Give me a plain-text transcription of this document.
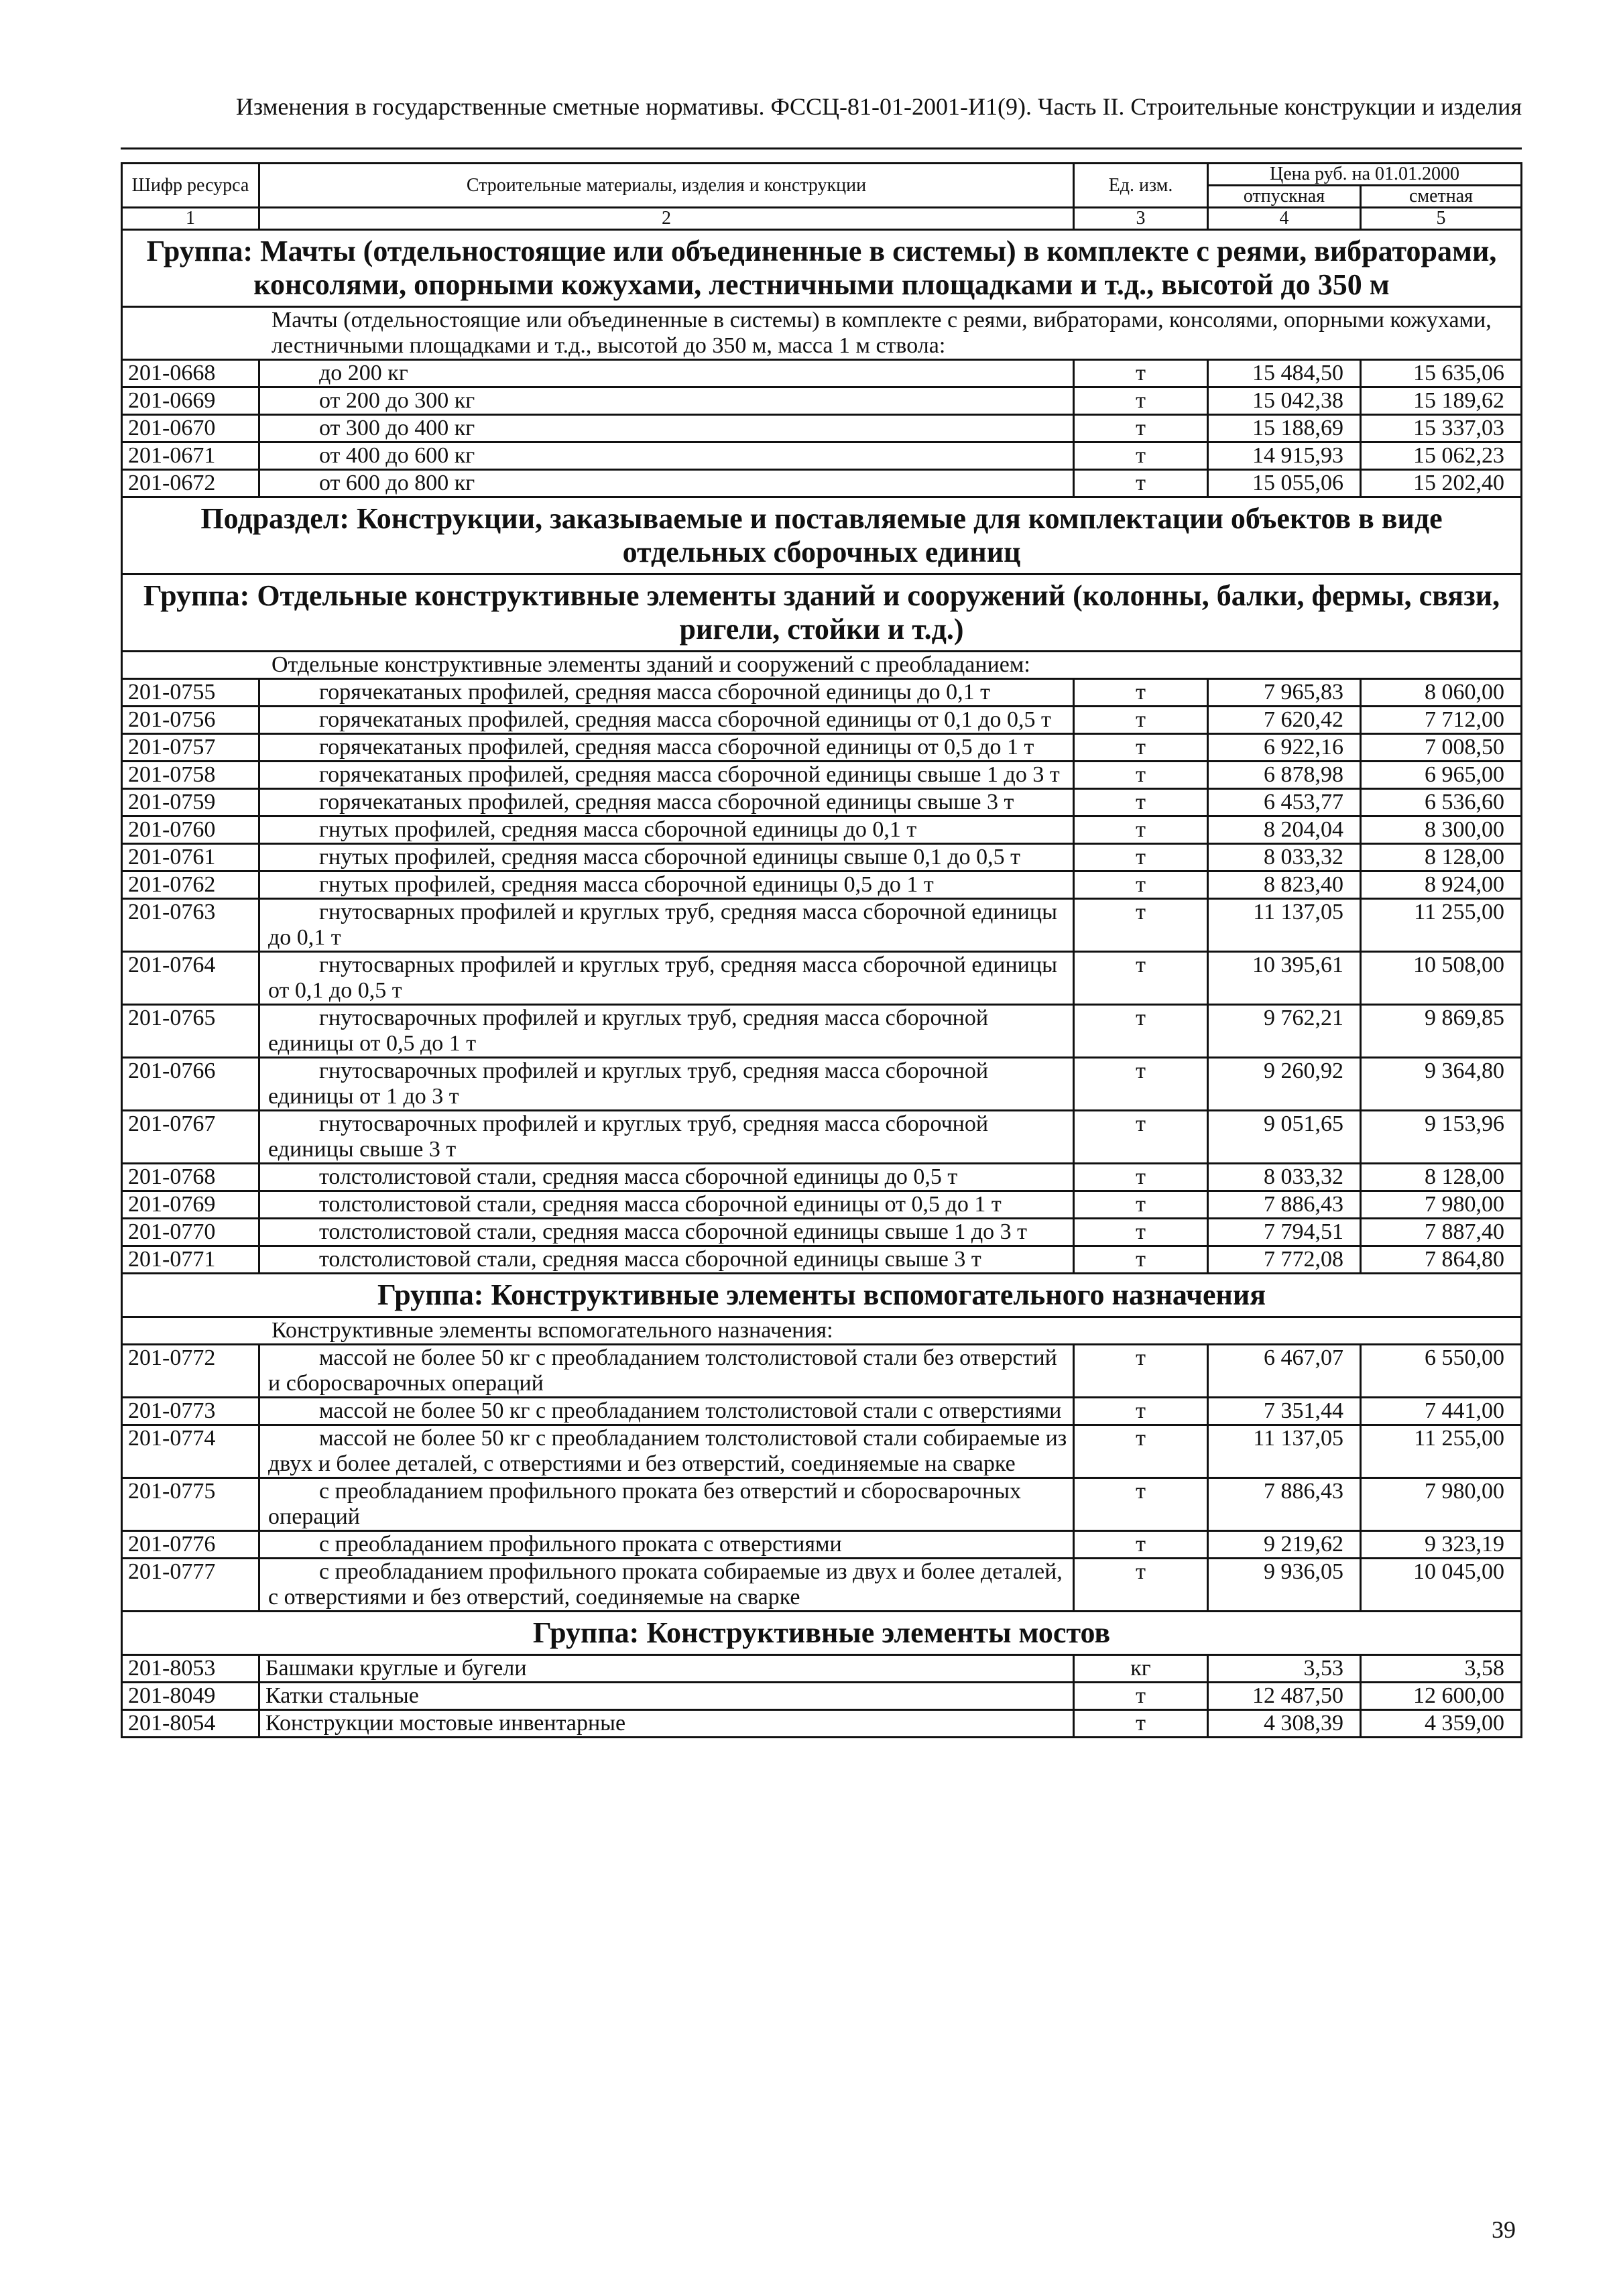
Изменения в государственные сметные нормативы. ФССЦ-81-01-2001-И1(9). Часть II. Строительные конструкции и изделия
Шифр ресурса	Строительные материалы, изделия и конструкции	Ед. изм.	Цена руб. на 01.01.2000	
			отпускная	сметная
1	2	3	4	5
Группа: Мачты (отдельностоящие или объединенные в системы) в комплекте с реями, вибраторами, консолями, опорными кожухами, лестничными площадками и т.д., высотой до 350 м				
Мачты (отдельностоящие или объединенные в системы) в комплекте с реями, вибраторами, консолями, опорными кожухами, лестничными площадками и т.д., высотой до 350 м, масса 1 м ствола:				
201-0668	до 200 кг	т	15 484,50	15 635,06
201-0669	от 200 до 300 кг	т	15 042,38	15 189,62
201-0670	от 300 до 400 кг	т	15 188,69	15 337,03
201-0671	от 400 до 600 кг	т	14 915,93	15 062,23
201-0672	от 600 до 800 кг	т	15 055,06	15 202,40
Подраздел: Конструкции, заказываемые и поставляемые для комплектации объектов в виде отдельных сборочных единиц				
Группа: Отдельные конструктивные элементы зданий и сооружений (колонны, балки, фермы, связи, ригели, стойки и т.д.)				
Отдельные конструктивные элементы зданий и сооружений с преобладанием:				
201-0755	горячекатаных профилей, средняя масса сборочной единицы до 0,1 т	т	7 965,83	8 060,00
201-0756	горячекатаных профилей, средняя масса сборочной единицы от 0,1 до 0,5 т	т	7 620,42	7 712,00
201-0757	горячекатаных профилей, средняя масса сборочной единицы от 0,5 до 1 т	т	6 922,16	7 008,50
201-0758	горячекатаных профилей, средняя масса сборочной единицы свыше 1 до 3 т	т	6 878,98	6 965,00
201-0759	горячекатаных профилей, средняя масса сборочной единицы свыше 3 т	т	6 453,77	6 536,60
201-0760	гнутых профилей, средняя масса сборочной единицы до 0,1 т	т	8 204,04	8 300,00
201-0761	гнутых профилей, средняя масса сборочной единицы свыше 0,1 до 0,5 т	т	8 033,32	8 128,00
201-0762	гнутых профилей, средняя масса сборочной единицы 0,5 до 1 т	т	8 823,40	8 924,00
201-0763	гнутосварных профилей и круглых труб, средняя масса сборочной единицы до 0,1 т	т	11 137,05	11 255,00
201-0764	гнутосварных профилей и круглых труб, средняя масса сборочной единицы от 0,1 до 0,5 т	т	10 395,61	10 508,00
201-0765	гнутосварочных профилей и круглых труб, средняя масса сборочной единицы от 0,5 до 1 т	т	9 762,21	9 869,85
201-0766	гнутосварочных профилей и круглых труб, средняя масса сборочной единицы от 1 до 3 т	т	9 260,92	9 364,80
201-0767	гнутосварочных профилей и круглых труб, средняя масса сборочной единицы свыше 3 т	т	9 051,65	9 153,96
201-0768	толстолистовой стали, средняя масса сборочной единицы до 0,5 т	т	8 033,32	8 128,00
201-0769	толстолистовой стали, средняя масса сборочной единицы от 0,5 до 1 т	т	7 886,43	7 980,00
201-0770	толстолистовой стали, средняя масса сборочной единицы свыше 1 до 3 т	т	7 794,51	7 887,40
201-0771	толстолистовой стали, средняя масса сборочной единицы свыше 3 т	т	7 772,08	7 864,80
Группа: Конструктивные элементы вспомогательного назначения				
Конструктивные элементы вспомогательного назначения:				
201-0772	массой не более 50 кг с преобладанием толстолистовой стали без отверстий и сборосварочных операций	т	6 467,07	6 550,00
201-0773	массой не более 50 кг с преобладанием толстолистовой стали с отверстиями	т	7 351,44	7 441,00
201-0774	массой не более 50 кг с преобладанием толстолистовой стали собираемые из двух и более деталей, с отверстиями и без отверстий, соединяемые на сварке	т	11 137,05	11 255,00
201-0775	с преобладанием профильного проката без отверстий и сборосварочных операций	т	7 886,43	7 980,00
201-0776	с преобладанием профильного проката с отверстиями	т	9 219,62	9 323,19
201-0777	с преобладанием профильного проката собираемые из двух и более деталей, с отверстиями и без отверстий, соединяемые на сварке	т	9 936,05	10 045,00
Группа: Конструктивные элементы мостов				
201-8053	Башмаки круглые и бугели	кг	3,53	3,58
201-8049	Катки стальные	т	12 487,50	12 600,00
201-8054	Конструкции мостовые инвентарные	т	4 308,39	4 359,00
39
